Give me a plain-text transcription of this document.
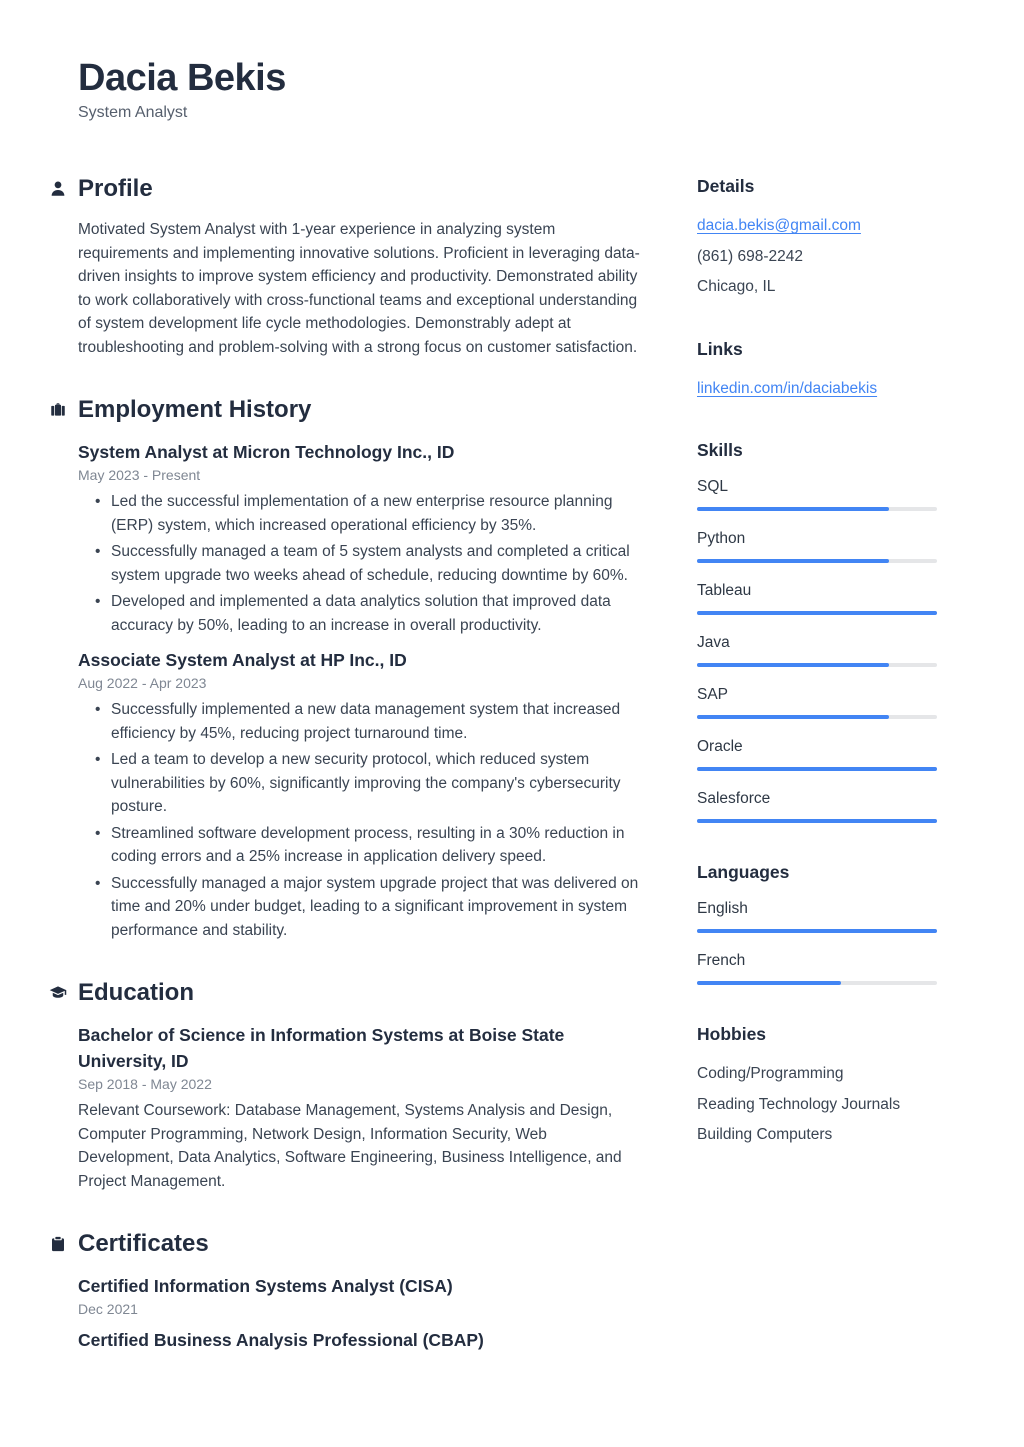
Dacia Bekis
System Analyst
Profile

Motivated System Analyst with 1-year experience in analyzing system requirements and implementing innovative solutions. Proficient in leveraging data-driven insights to improve system efficiency and productivity. Demonstrated ability to work collaboratively with cross-functional teams and exceptional understanding of system development life cycle methodologies. Demonstrably adept at troubleshooting and problem-solving with a strong focus on customer satisfaction.

Employment History
System Analyst at Micron Technology Inc., ID
May 2023 - Present
• Led the successful implementation of a new enterprise resource planning (ERP) system, which increased operational efficiency by 35%.
• Successfully managed a team of 5 system analysts and completed a critical system upgrade two weeks ahead of schedule, reducing downtime by 60%.
• Developed and implemented a data analytics solution that improved data accuracy by 50%, leading to an increase in overall productivity.
Associate System Analyst at HP Inc., ID
Aug 2022 - Apr 2023
• Successfully implemented a new data management system that increased efficiency by 45%, reducing project turnaround time.
• Led a team to develop a new security protocol, which reduced system vulnerabilities by 60%, significantly improving the company's cybersecurity posture.
• Streamlined software development process, resulting in a 30% reduction in coding errors and a 25% increase in application delivery speed.
• Successfully managed a major system upgrade project that was delivered on time and 20% under budget, leading to a significant improvement in system performance and stability.
Education
Bachelor of Science in Information Systems at Boise State University, ID
Sep 2018 - May 2022

Relevant Coursework: Database Management, Systems Analysis and Design, Computer Programming, Network Design, Information Security, Web Development, Data Analytics, Software Engineering, Business Intelligence, and Project Management.

Certificates
Certified Information Systems Analyst (CISA)
Dec 2021
Certified Business Analysis Professional (CBAP)
Details
dacia.bekis@gmail.com
(861) 698-2242
Chicago, IL
Links
linkedin.com/in/daciabekis
Skills
SQL
Python
Tableau
Java
SAP
Oracle
Salesforce
Languages
English
French
Hobbies
Coding/Programming
Reading Technology Journals
Building Computers
